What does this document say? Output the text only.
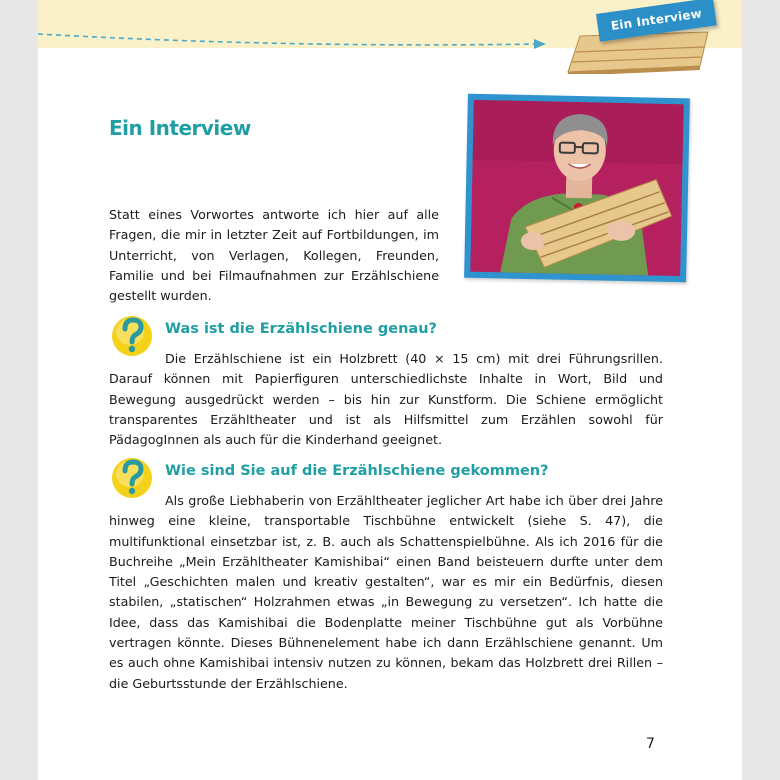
Ein Interview
Ein Interview

Statt eines Vorwortes antworte ich hier auf alle Fragen, die mir in letzter Zeit auf Fortbildungen, im Unterricht, von Verlagen, Kollegen, Freunden, Familie und bei Filmaufnahmen zur Erzählschiene gestellt wurden.

Was ist die Erzählschiene genau?

Die Erzählschiene ist ein Holzbrett (40 × 15 cm) mit drei Führungsrillen. Darauf können mit Papierfiguren unterschiedlichste Inhalte in Wort, Bild und Bewegung ausgedrückt werden – bis hin zur Kunstform. Die Schiene ermöglicht transparentes Erzähltheater und ist als Hilfsmittel zum Erzählen sowohl für PädagogInnen als auch für die Kinderhand geeignet.

Wie sind Sie auf die Erzählschiene gekommen?

Als große Liebhaberin von Erzähltheater jeglicher Art habe ich über drei Jahre hinweg eine kleine, transportable Tischbühne entwickelt (siehe S. 47), die multifunktional einsetzbar ist, z. B. auch als Schattenspielbühne. Als ich 2016 für die Buchreihe „Mein Erzähltheater Kamishibai“ einen Band beisteuern durfte unter dem Titel „Geschichten malen und kreativ gestalten“, war es mir ein Bedürfnis, diesen stabilen, „statischen“ Holzrahmen etwas „in Bewegung zu versetzen“. Ich hatte die Idee, dass das Kamishibai die Bodenplatte meiner Tischbühne gut als Vorbühne vertragen könnte. Dieses Bühnenelement habe ich dann Erzählschiene genannt. Um es auch ohne Kamishibai intensiv nutzen zu können, bekam das Holzbrett drei Rillen – die Geburtsstunde der Erzählschiene.

7
